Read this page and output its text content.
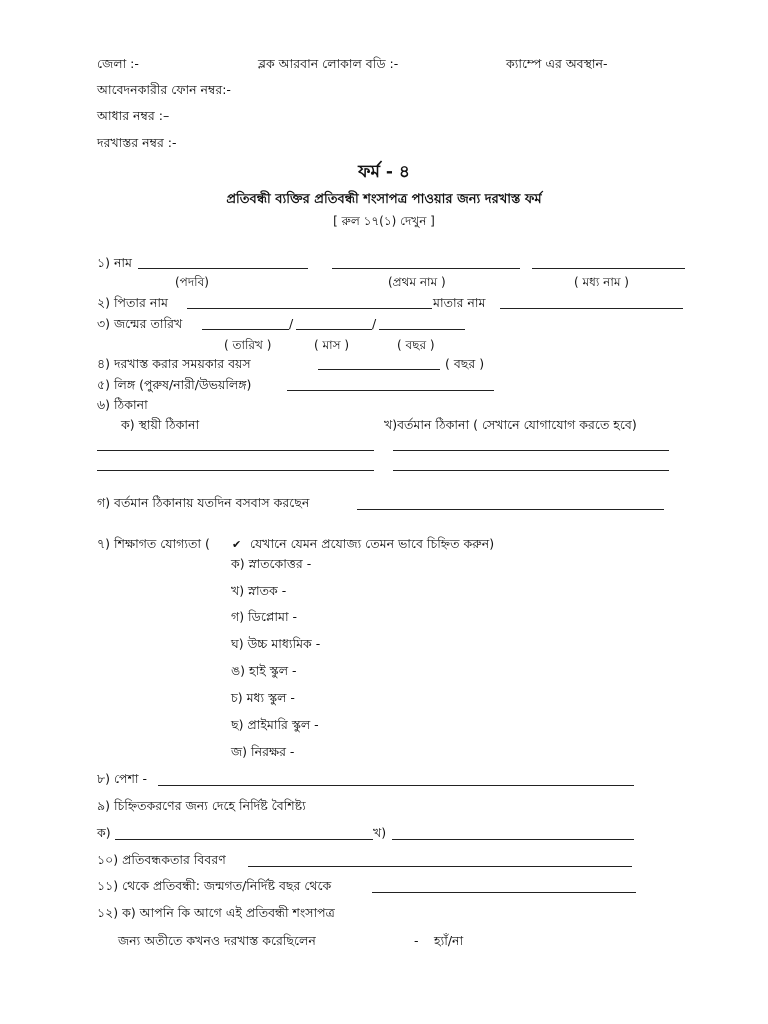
জেলা :-	ব্লক আরবান লোকাল বডি :-	ক্যাম্পে এর অবস্থান-
আবেদনকারীর ফোন নম্বর:-
আধার নম্বর :–
দরখাস্তর নম্বর :-
ফর্ম - ৪
প্রতিবন্ধী ব্যক্তির প্রতিবন্ধী শংসাপত্র পাওয়ার জন্য দরখাস্ত ফর্ম
[ রুল ১৭(১) দেখুন ]
১) নাম
(পদবি)	(প্রথম নাম )	( মধ্য নাম )
২) পিতার নাম	মাতার নাম
৩) জন্মের তারিখ	/	/
( তারিখ )	( মাস )	( বছর )
৪) দরখাস্ত করার সময়কার বয়স	( বছর )
৫) লিঙ্গ (পুরুষ/নারী/উভয়লিঙ্গ)
৬) ঠিকানা
ক) স্থায়ী ঠিকানা	খ)বর্তমান ঠিকানা ( সেখানে যোগাযোগ করতে হবে)
গ) বর্তমান ঠিকানায় যতদিন বসবাস করছেন
৭) শিক্ষাগত যোগ্যতা ( ✔ যেখানে যেমন প্রযোজ্য তেমন ভাবে চিহ্নিত করুন)
ক) স্নাতকোত্তর -
খ) স্নাতক -
গ) ডিপ্লোমা -
ঘ) উচ্চ মাধ্যমিক -
ঙ) হাই স্কুল -
চ) মধ্য স্কুল -
ছ) প্রাইমারি স্কুল -
জ) নিরক্ষর -
৮) পেশা -
৯) চিহ্নিতকরণের জন্য দেহে নির্দিষ্ট বৈশিষ্ট্য
ক)	খ)
১০) প্রতিবন্ধকতার বিবরণ
১১) থেকে প্রতিবন্ধী: জন্মগত/নির্দিষ্ট বছর থেকে
১২) ক) আপনি কি আগে এই প্রতিবন্ধী শংসাপত্র
জন্য অতীতে কখনও দরখাস্ত করেছিলেন	- হ্যাঁ/না
